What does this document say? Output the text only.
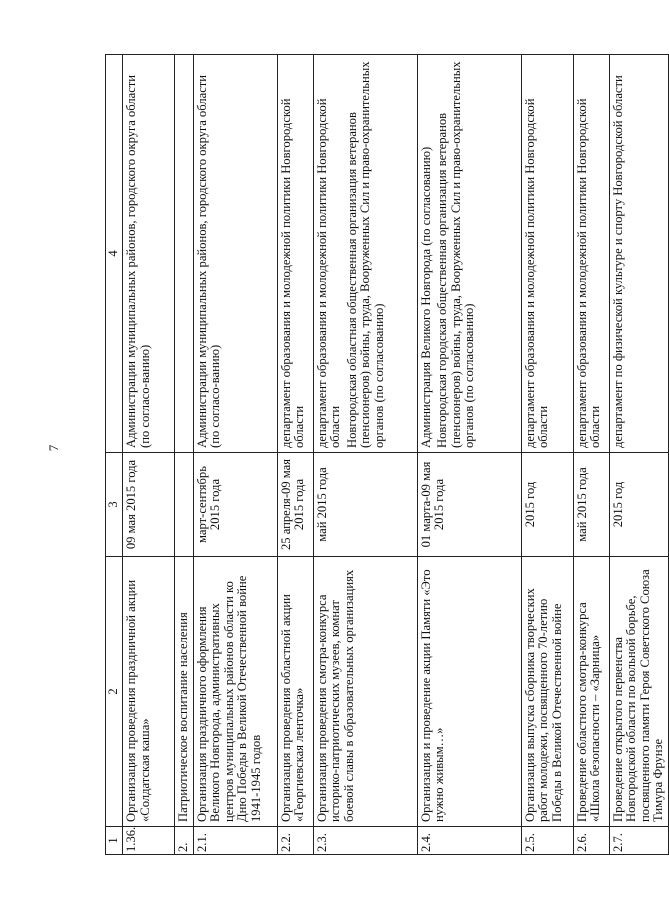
7
1	2	3	4
1.36.	Организация проведения праздничной акции «Солдатская каша»	09 мая 2015 года	Администрации муниципальных районов, городского округа области (по согласо-ванию)

2.	Патриотическое воспитание населения		
2.1.	Организация праздничного оформления Великого Новгорода, административных центров муниципальных районов области ко Дню Победы в Великой Отечественной войне 1941-1945 годов	март-сентябрь 2015 года	Администрации муниципальных районов, городского округа области (по согласо-ванию)

2.2.	Организация проведения областной акции «Георгиевская ленточка»	25 апреля-09 мая 2015 года	департамент образования и молодежной политики Новгородской области

2.3.	Организация проведения смотра-конкурса историко-патриотических музеев, комнат боевой славы в образовательных организациях	май 2015 года	департамент образования и молодежной политики Новгородской области Новгородская областная общественная организация ветеранов (пенсионеров) войны, труда, Вооруженных Сил и право-охранительных органов (по согласованию)

2.4.	Организация и проведение акции Памяти «Это нужно живым…»	01 марта-09 мая 2015 года	Администрация Великого Новгорода (по согласованию) Новгородская городская общественная организация ветеранов (пенсионеров) войны, труда, Вооруженных Сил и право-охранительных органов (по согласованию)

2.5.	Организация выпуска сборника творческих работ молодежи, посвященного 70-летию Победы в Великой Отечественной войне	2015 год	департамент образования и молодежной политики Новгородской области

2.6.	Проведение областного смотра-конкурса «Школа безопасности – «Зарница»	май 2015 года	департамент образования и молодежной политики Новгородской области

2.7.	Проведение открытого первенства Новгородской области по вольной борьбе, посвященного памяти Героя Советского Союза Тимура Фрунзе	2015 год	департамент по физической культуре и спорту Новгородской области
